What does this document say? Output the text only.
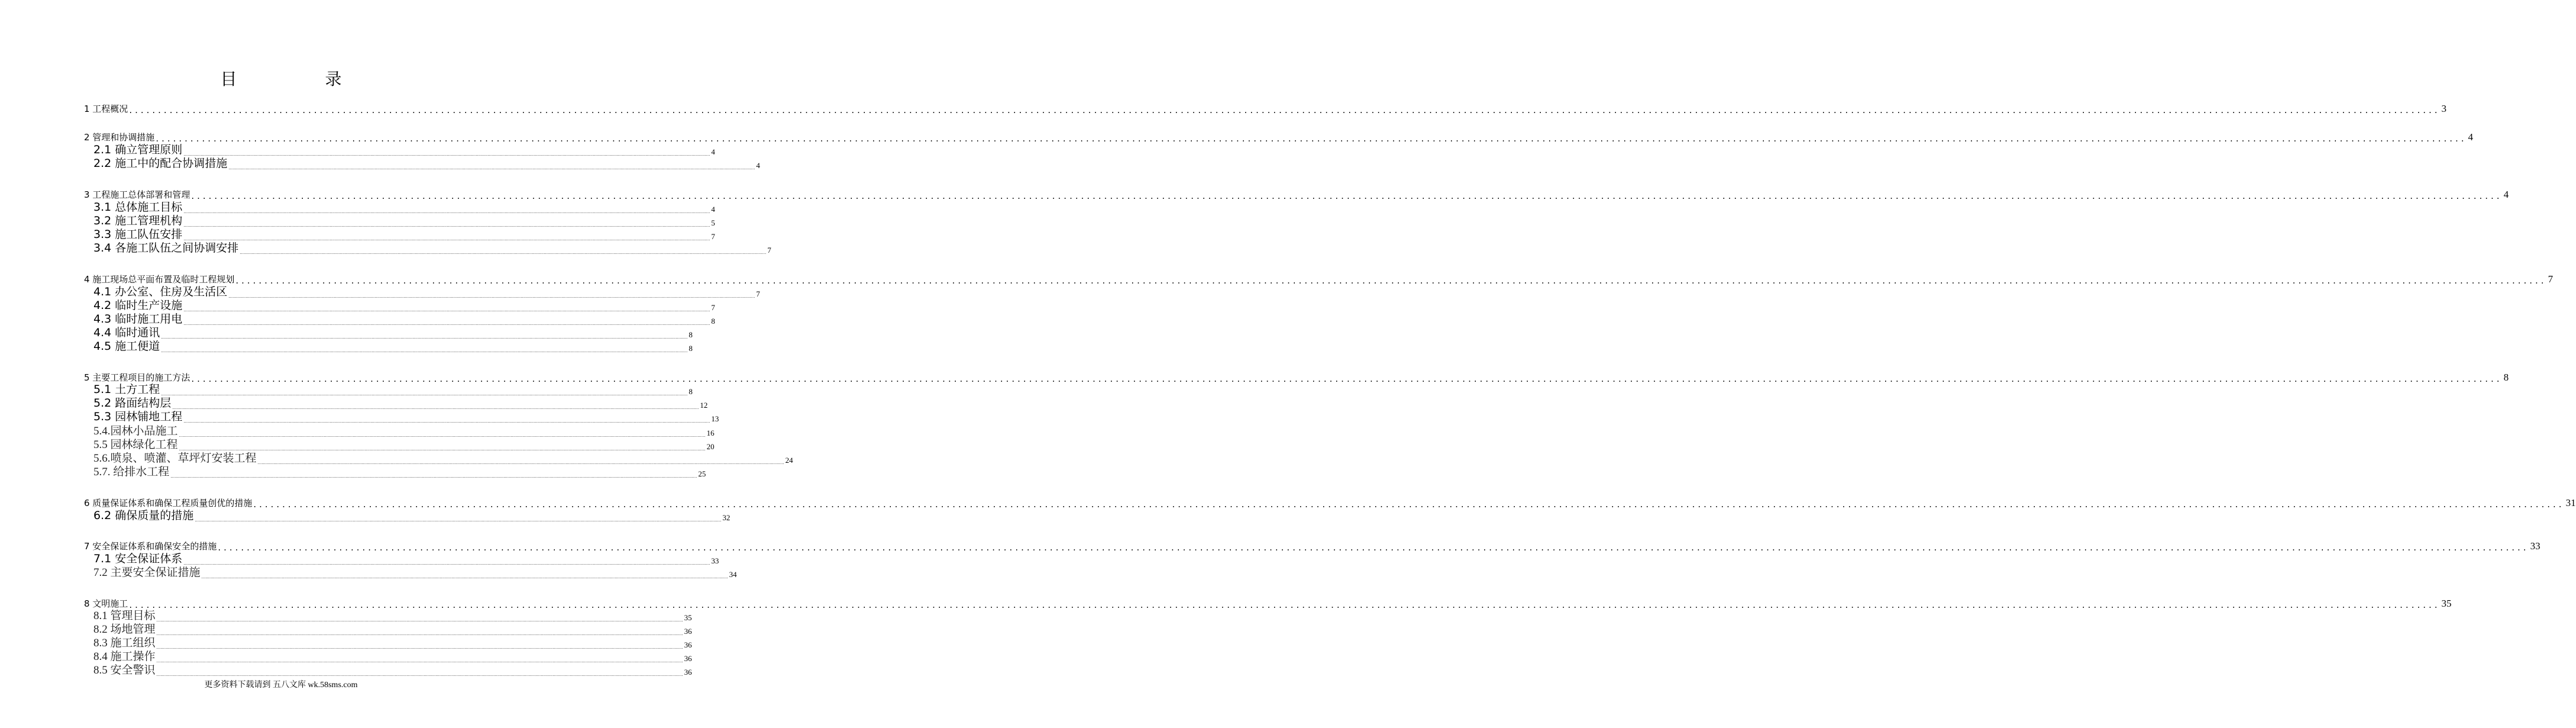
目 录
1 工程概况 ................................................................................................................................................................................................................................................................................................................................................................................................................ 3
2 管理和协调措施 ................................................................................................................................................................................................................................................................................................................................................................................................................ 4
2.1 确立管理原则 ................................................................................................................................................................................................................................................................................................................................................................................................................ 4
2.2 施工中的配合协调措施 ................................................................................................................................................................................................................................................................................................................................................................................................................ 4
3 工程施工总体部署和管理 ................................................................................................................................................................................................................................................................................................................................................................................................................ 4
3.1 总体施工目标 ................................................................................................................................................................................................................................................................................................................................................................................................................ 4
3.2 施工管理机构 ................................................................................................................................................................................................................................................................................................................................................................................................................ 5
3.3 施工队伍安排 ................................................................................................................................................................................................................................................................................................................................................................................................................ 7
3.4 各施工队伍之间协调安排 ................................................................................................................................................................................................................................................................................................................................................................................................................ 7
4 施工现场总平面布置及临时工程规划 ................................................................................................................................................................................................................................................................................................................................................................................................................ 7
4.1 办公室、住房及生活区 ................................................................................................................................................................................................................................................................................................................................................................................................................ 7
4.2 临时生产设施 ................................................................................................................................................................................................................................................................................................................................................................................................................ 7
4.3 临时施工用电 ................................................................................................................................................................................................................................................................................................................................................................................................................ 8
4.4 临时通讯 ................................................................................................................................................................................................................................................................................................................................................................................................................ 8
4.5 施工便道 ................................................................................................................................................................................................................................................................................................................................................................................................................ 8
5 主要工程项目的施工方法 ................................................................................................................................................................................................................................................................................................................................................................................................................ 8
5.1 土方工程 ................................................................................................................................................................................................................................................................................................................................................................................................................ 8
5.2 路面结构层 ................................................................................................................................................................................................................................................................................................................................................................................................................ 12
5.3 园林铺地工程 ................................................................................................................................................................................................................................................................................................................................................................................................................ 13
5.4.园林小品施工 ................................................................................................................................................................................................................................................................................................................................................................................................................ 16
5.5 园林绿化工程 ................................................................................................................................................................................................................................................................................................................................................................................................................ 20
5.6.喷泉、喷灌、草坪灯安装工程 ................................................................................................................................................................................................................................................................................................................................................................................................................ 24
5.7. 给排水工程 ................................................................................................................................................................................................................................................................................................................................................................................................................ 25
6 质量保证体系和确保工程质量创优的措施 ................................................................................................................................................................................................................................................................................................................................................................................................................ 31
6.2 确保质量的措施 ................................................................................................................................................................................................................................................................................................................................................................................................................ 32
7 安全保证体系和确保安全的措施 ................................................................................................................................................................................................................................................................................................................................................................................................................ 33
7.1 安全保证体系 ................................................................................................................................................................................................................................................................................................................................................................................................................ 33
7.2 主要安全保证措施 ................................................................................................................................................................................................................................................................................................................................................................................................................ 34
8 文明施工 ................................................................................................................................................................................................................................................................................................................................................................................................................ 35
8.1 管理目标 ................................................................................................................................................................................................................................................................................................................................................................................................................ 35
8.2 场地管理 ................................................................................................................................................................................................................................................................................................................................................................................................................ 36
8.3 施工组织 ................................................................................................................................................................................................................................................................................................................................................................................................................ 36
8.4 施工操作 ................................................................................................................................................................................................................................................................................................................................................................................................................ 36
8.5 安全警识 ................................................................................................................................................................................................................................................................................................................................................................................................................ 36
更多资料下载请到 五八文库 wk.58sms.com
